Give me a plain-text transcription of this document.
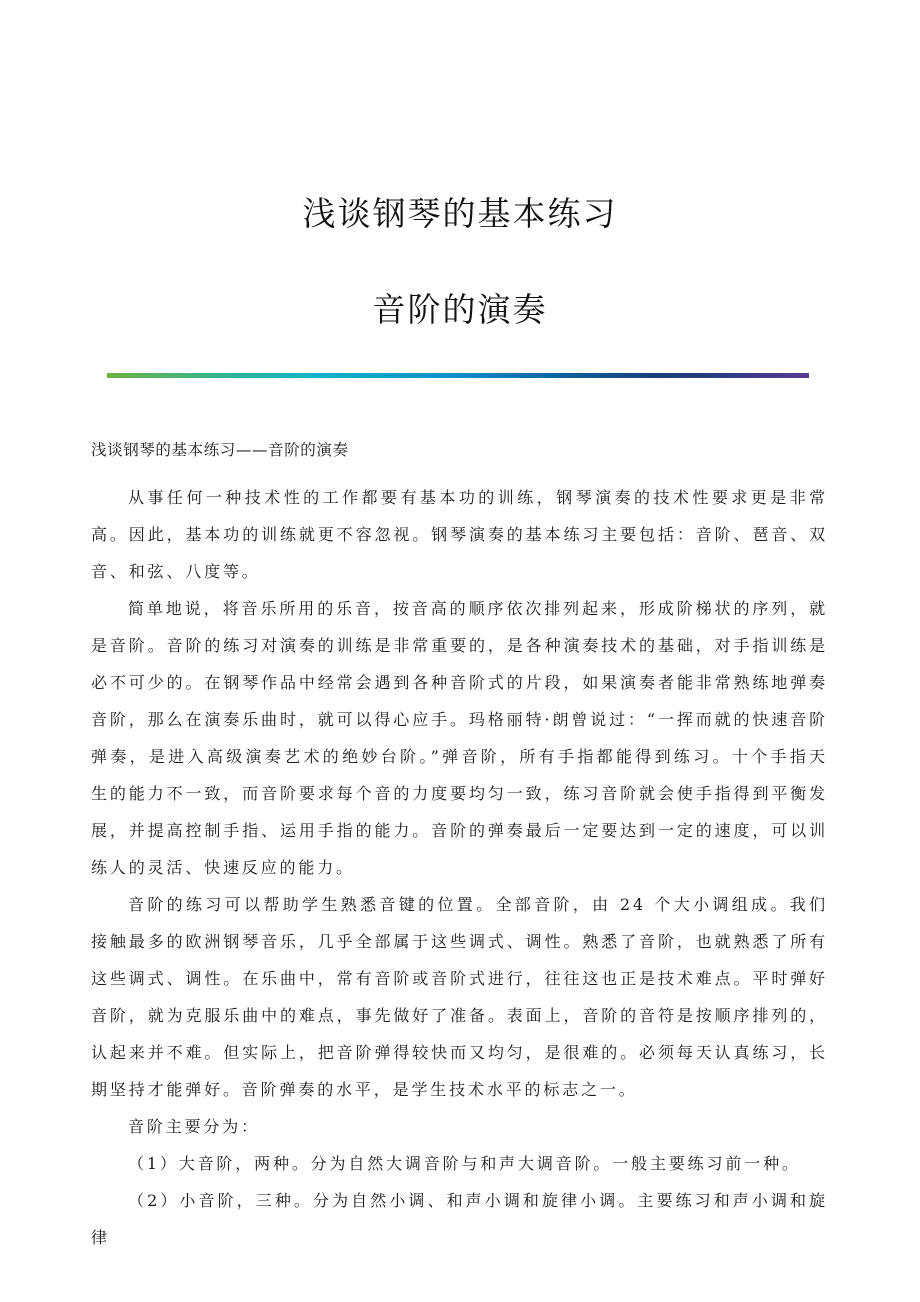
浅谈钢琴的基本练习
音阶的演奏
浅谈钢琴的基本练习——音阶的演奏

从事任何一种技术性的工作都要有基本功的训练，钢琴演奏的技术性要求更是非常高。因此，基本功的训练就更不容忽视。钢琴演奏的基本练习主要包括：音阶、琶音、双音、和弦、八度等。

简单地说，将音乐所用的乐音，按音高的顺序依次排列起来，形成阶梯状的序列，就是音阶。音阶的练习对演奏的训练是非常重要的，是各种演奏技术的基础，对手指训练是必不可少的。在钢琴作品中经常会遇到各种音阶式的片段，如果演奏者能非常熟练地弹奏音阶，那么在演奏乐曲时，就可以得心应手。玛格丽特·朗曾说过：“一挥而就的快速音阶弹奏，是进入高级演奏艺术的绝妙台阶。”弹音阶，所有手指都能得到练习。十个手指天生的能力不一致，而音阶要求每个音的力度要均匀一致，练习音阶就会使手指得到平衡发展，并提高控制手指、运用手指的能力。音阶的弹奏最后一定要达到一定的速度，可以训练人的灵活、快速反应的能力。

音阶的练习可以帮助学生熟悉音键的位置。全部音阶，由 24 个大小调组成。我们接触最多的欧洲钢琴音乐，几乎全部属于这些调式、调性。熟悉了音阶，也就熟悉了所有这些调式、调性。在乐曲中，常有音阶或音阶式进行，往往这也正是技术难点。平时弹好音阶，就为克服乐曲中的难点，事先做好了准备。表面上，音阶的音符是按顺序排列的，认起来并不难。但实际上，把音阶弹得较快而又均匀，是很难的。必须每天认真练习，长期坚持才能弹好。音阶弹奏的水平，是学生技术水平的标志之一。

音阶主要分为：

（1）大音阶，两种。分为自然大调音阶与和声大调音阶。一般主要练习前一种。

（2）小音阶，三种。分为自然小调、和声小调和旋律小调。主要练习和声小调和旋律
